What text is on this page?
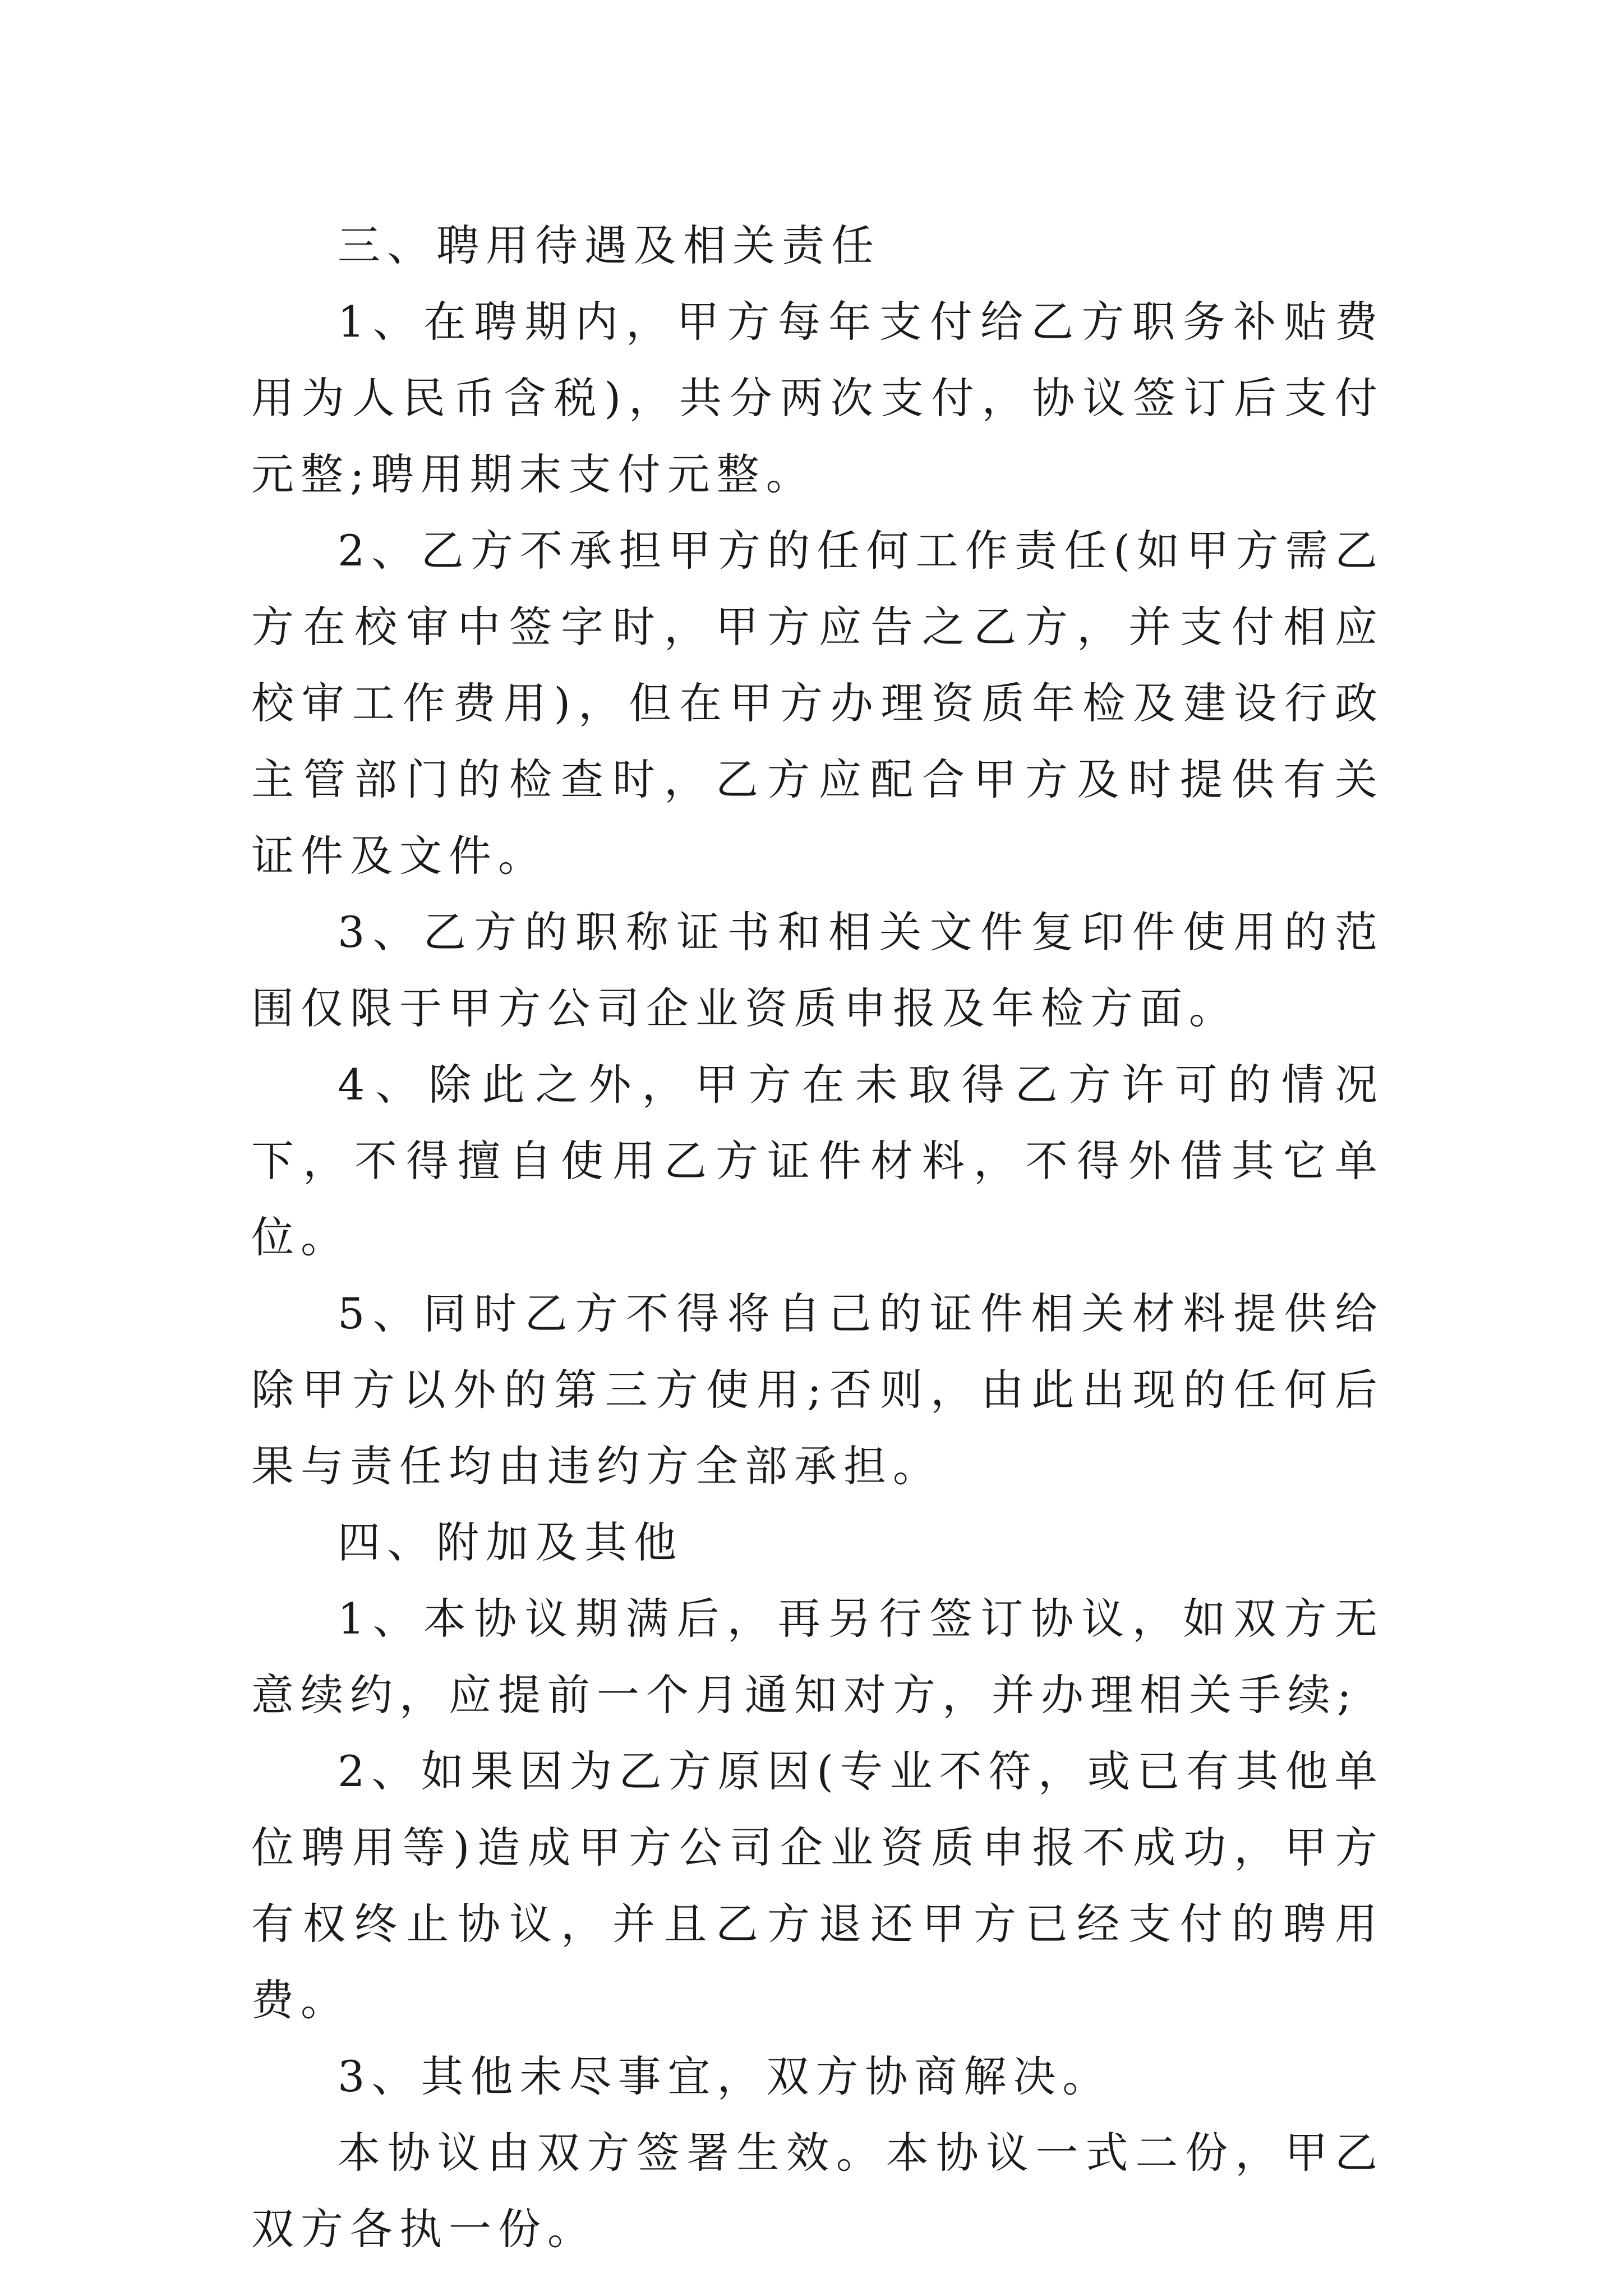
三、聘用待遇及相关责任

1、在聘期内，甲方每年支付给乙方职务补贴费用为人民币含税)，共分两次支付，协议签订后支付元整;聘用期末支付元整。

2、乙方不承担甲方的任何工作责任(如甲方需乙方在校审中签字时，甲方应告之乙方，并支付相应校审工作费用)，但在甲方办理资质年检及建设行政主管部门的检查时，乙方应配合甲方及时提供有关证件及文件。

3、乙方的职称证书和相关文件复印件使用的范围仅限于甲方公司企业资质申报及年检方面。

4、除此之外，甲方在未取得乙方许可的情况下，不得擅自使用乙方证件材料，不得外借其它单位。

5、同时乙方不得将自己的证件相关材料提供给除甲方以外的第三方使用;否则，由此出现的任何后果与责任均由违约方全部承担。

四、附加及其他

1、本协议期满后，再另行签订协议，如双方无意续约，应提前一个月通知对方，并办理相关手续;

2、如果因为乙方原因(专业不符，或已有其他单位聘用等)造成甲方公司企业资质申报不成功，甲方有权终止协议，并且乙方退还甲方已经支付的聘用费。

3、其他未尽事宜，双方协商解决。

本协议由双方签署生效。本协议一式二份，甲乙双方各执一份。
